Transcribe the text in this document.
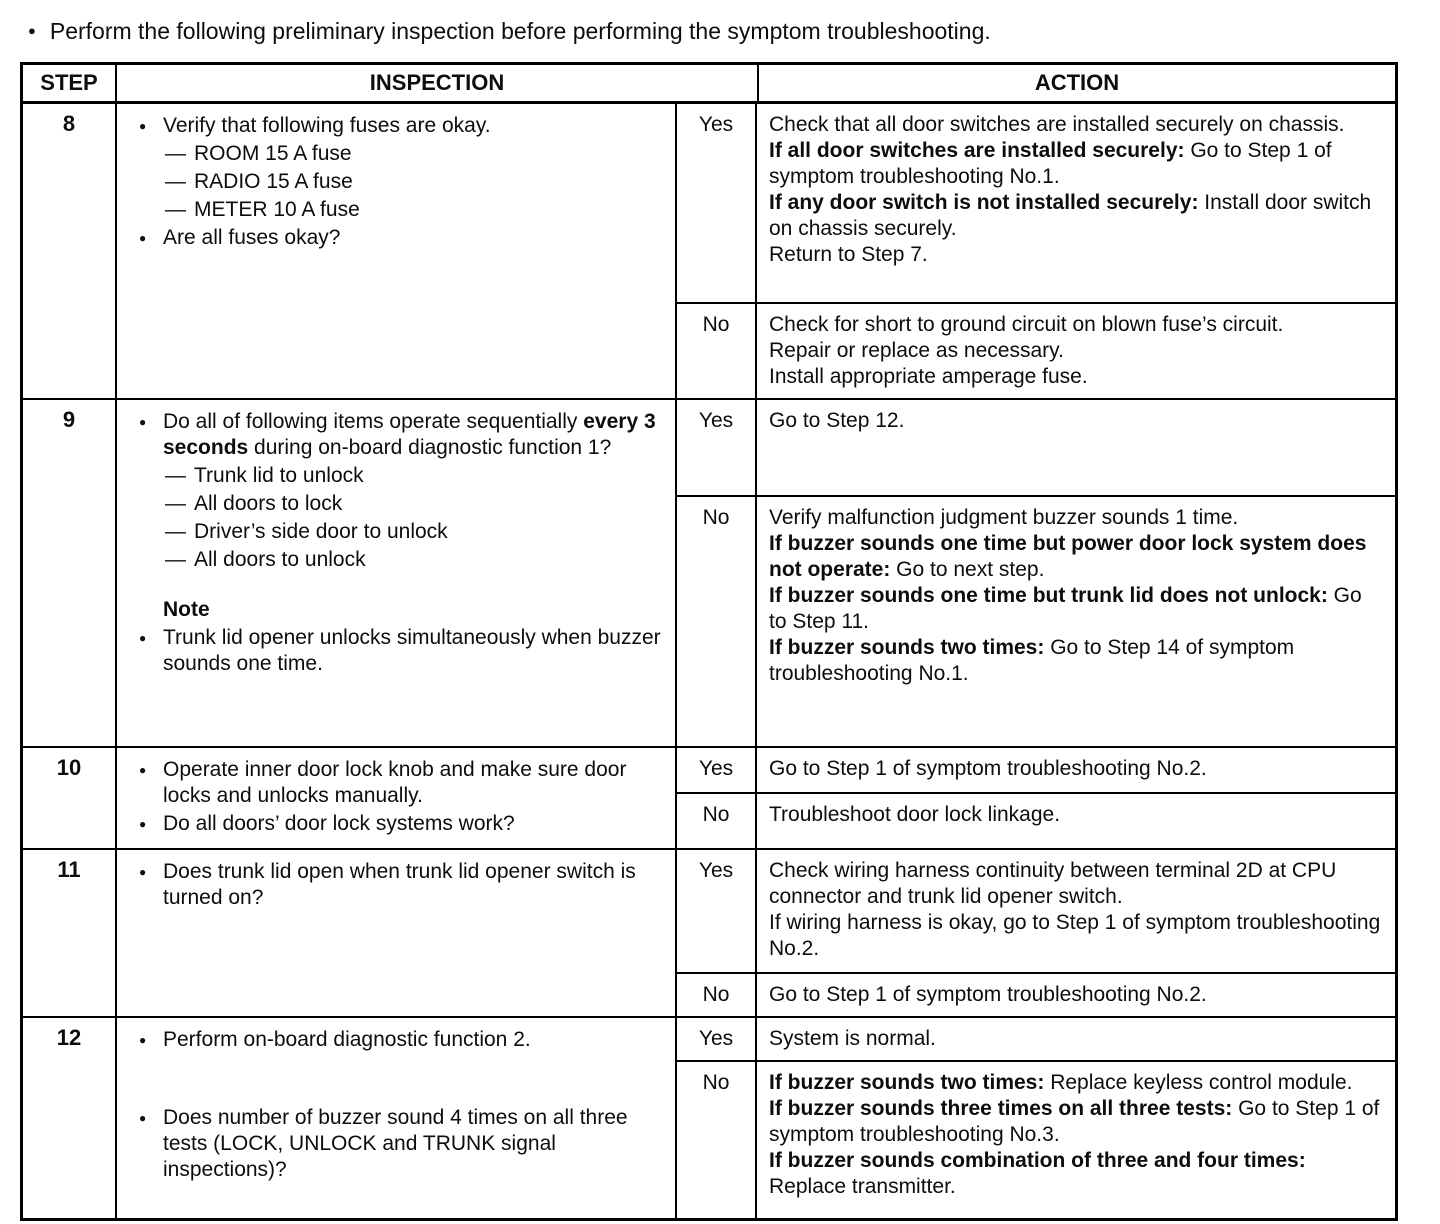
● Perform the following preliminary inspection before performing the symptom troubleshooting.
STEP	INSPECTION	ACTION
8	● Verify that following fuses are okay.
— ROOM 15 A fuse
— RADIO 15 A fuse
— METER 10 A fuse
● Are all fuses okay?
Yes	Check that all door switches are installed securely on chassis.
If all door switches are installed securely: Go to Step 1 of symptom troubleshooting No.1.
If any door switch is not installed securely: Install door switch on chassis securely.
Return to Step 7.
No	Check for short to ground circuit on blown fuse’s circuit.
Repair or replace as necessary.
Install appropriate amperage fuse.
9	● Do all of following items operate sequentially every 3 seconds during on-board diagnostic function 1?
— Trunk lid to unlock
— All doors to lock
— Driver’s side door to unlock
— All doors to unlock
Note
● Trunk lid opener unlocks simultaneously when buzzer sounds one time.
Yes	Go to Step 12.
No	Verify malfunction judgment buzzer sounds 1 time.
If buzzer sounds one time but power door lock system does not operate: Go to next step.
If buzzer sounds one time but trunk lid does not unlock: Go to Step 11.
If buzzer sounds two times: Go to Step 14 of symptom troubleshooting No.1.
10	● Operate inner door lock knob and make sure door locks and unlocks manually.
● Do all doors’ door lock systems work?
Yes	Go to Step 1 of symptom troubleshooting No.2.
No	Troubleshoot door lock linkage.
11	● Does trunk lid open when trunk lid opener switch is turned on?
Yes	Check wiring harness continuity between terminal 2D at CPU connector and trunk lid opener switch.
If wiring harness is okay, go to Step 1 of symptom troubleshooting No.2.
No	Go to Step 1 of symptom troubleshooting No.2.
12	● Perform on-board diagnostic function 2.
● Does number of buzzer sound 4 times on all three tests (LOCK, UNLOCK and TRUNK signal inspections)?
Yes	System is normal.
No	If buzzer sounds two times: Replace keyless control module.
If buzzer sounds three times on all three tests: Go to Step 1 of symptom troubleshooting No.3.
If buzzer sounds combination of three and four times: Replace transmitter.
